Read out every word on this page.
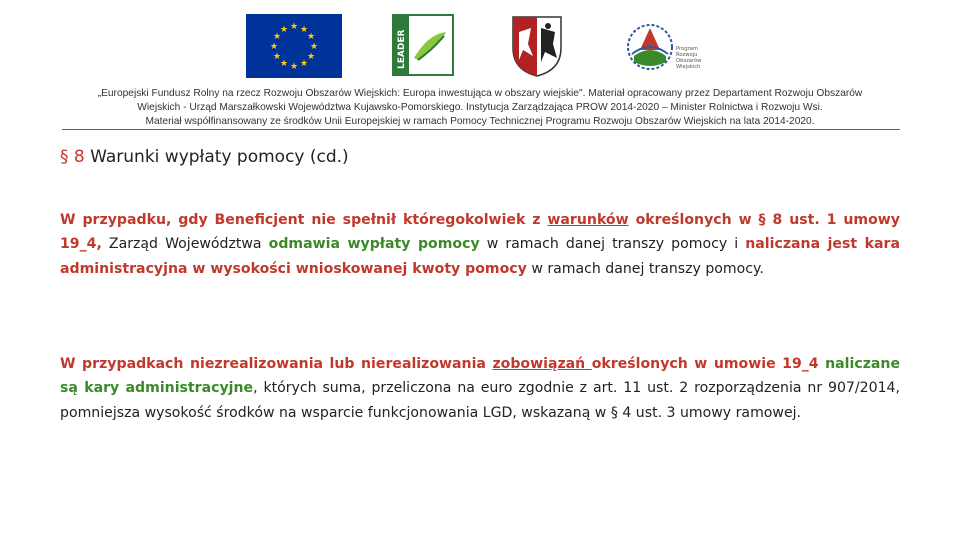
★ ★
★
★
★
★
★
★
★
★
★
★	LEADER	Program
Rozwoju
Obszarów
Wiejskich
„Europejski Fundusz Rolny na rzecz Rozwoju Obszarów Wiejskich: Europa inwestująca w obszary wiejskie". Materiał opracowany przez Departament Rozwoju Obszarów
Wiejskich - Urząd Marszałkowski Województwa Kujawsko-Pomorskiego. Instytucja Zarządzająca PROW 2014-2020 – Minister Rolnictwa i Rozwoju Wsi.
Materiał współfinansowany ze środków Unii Europejskiej w ramach Pomocy Technicznej Programu Rozwoju Obszarów Wiejskich na lata 2014-2020.
§ 8 Warunki wypłaty pomocy (cd.)
W przypadku, gdy Beneficjent nie spełnił któregokolwiek z warunków określonych w § 8 ust. 1 umowy 19_4, Zarząd Województwa odmawia wypłaty pomocy w ramach danej transzy pomocy i naliczana jest kara administracyjna w wysokości wnioskowanej kwoty pomocy w ramach danej transzy pomocy.
W przypadkach niezrealizowania lub nierealizowania zobowiązań określonych w umowie 19_4 naliczane są kary administracyjne, których suma, przeliczona na euro zgodnie z art. 11 ust. 2 rozporządzenia nr 907/2014, pomniejsza wysokość środków na wsparcie funkcjonowania LGD, wskazaną w § 4 ust. 3 umowy ramowej.
